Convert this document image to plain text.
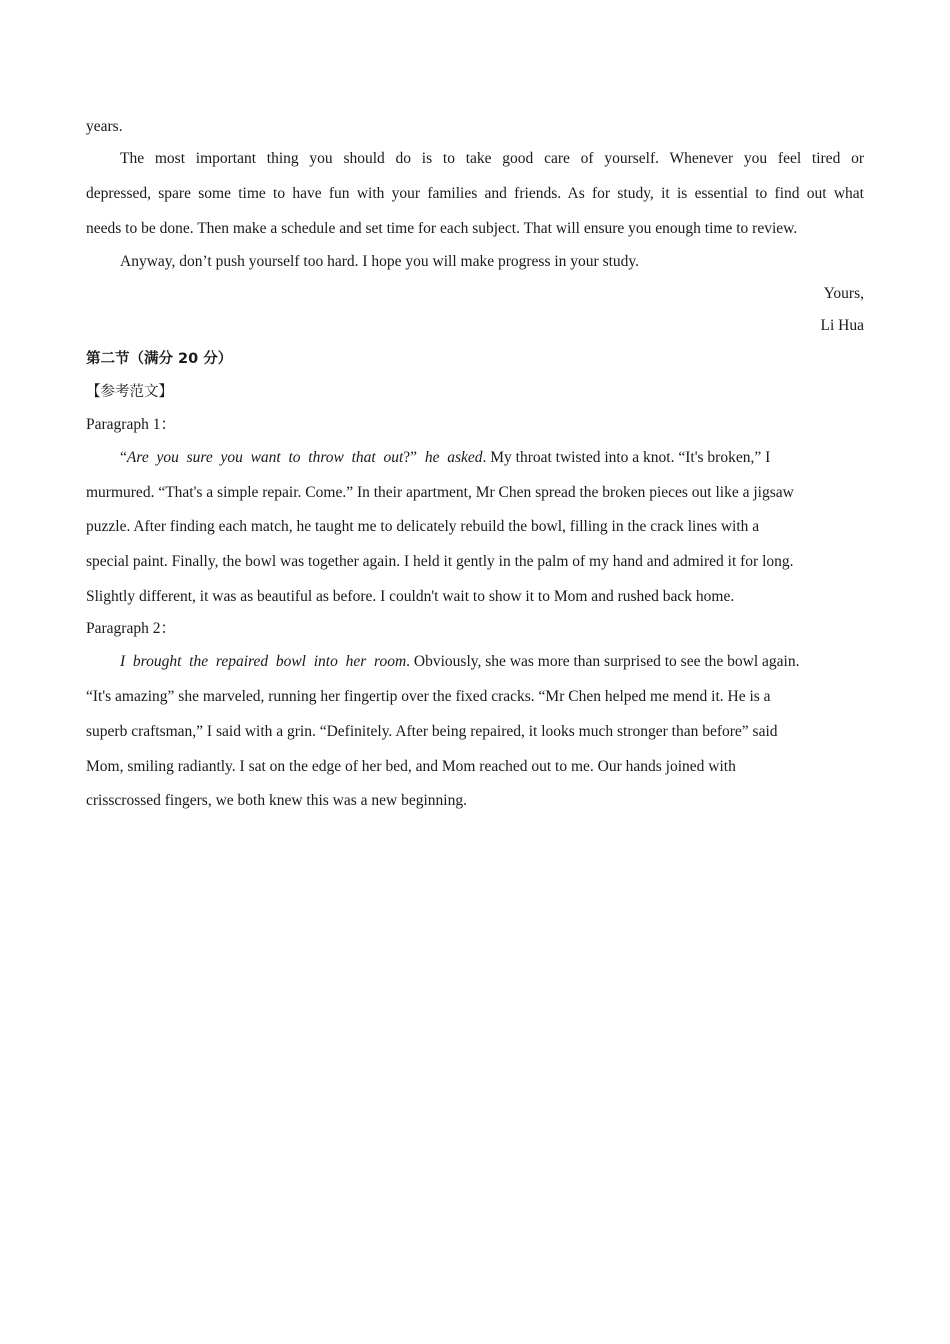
years.
The most important thing you should do is to take good care of yourself. Whenever you feel tired or
depressed, spare some time to have fun with your families and friends. As for study, it is essential to find out what
needs to be done. Then make a schedule and set time for each subject. That will ensure you enough time to review.
Anyway, don’t push yourself too hard. I hope you will make progress in your study.
Yours,
Li Hua
第二节（满分 20 分）
【参考范文】
Paragraph 1：
“Are  you  sure  you  want  to  throw  that  out?”  he  asked. My throat twisted into a knot. “It's broken,” I
murmured. “That's a simple repair. Come.” In their apartment, Mr Chen spread the broken pieces out like a jigsaw
puzzle. After finding each match, he taught me to delicately rebuild the bowl, filling in the crack lines with a
special paint. Finally, the bowl was together again. I held it gently in the palm of my hand and admired it for long.
Slightly different, it was as beautiful as before. I couldn't wait to show it to Mom and rushed back home.
Paragraph 2：
I  brought  the  repaired  bowl  into  her  room. Obviously, she was more than surprised to see the bowl again.
“It's amazing” she marveled, running her fingertip over the fixed cracks. “Mr Chen helped me mend it. He is a
superb craftsman,” I said with a grin. “Definitely. After being repaired, it looks much stronger than before” said
Mom, smiling radiantly. I sat on the edge of her bed, and Mom reached out to me. Our hands joined with
crisscrossed fingers, we both knew this was a new beginning.
